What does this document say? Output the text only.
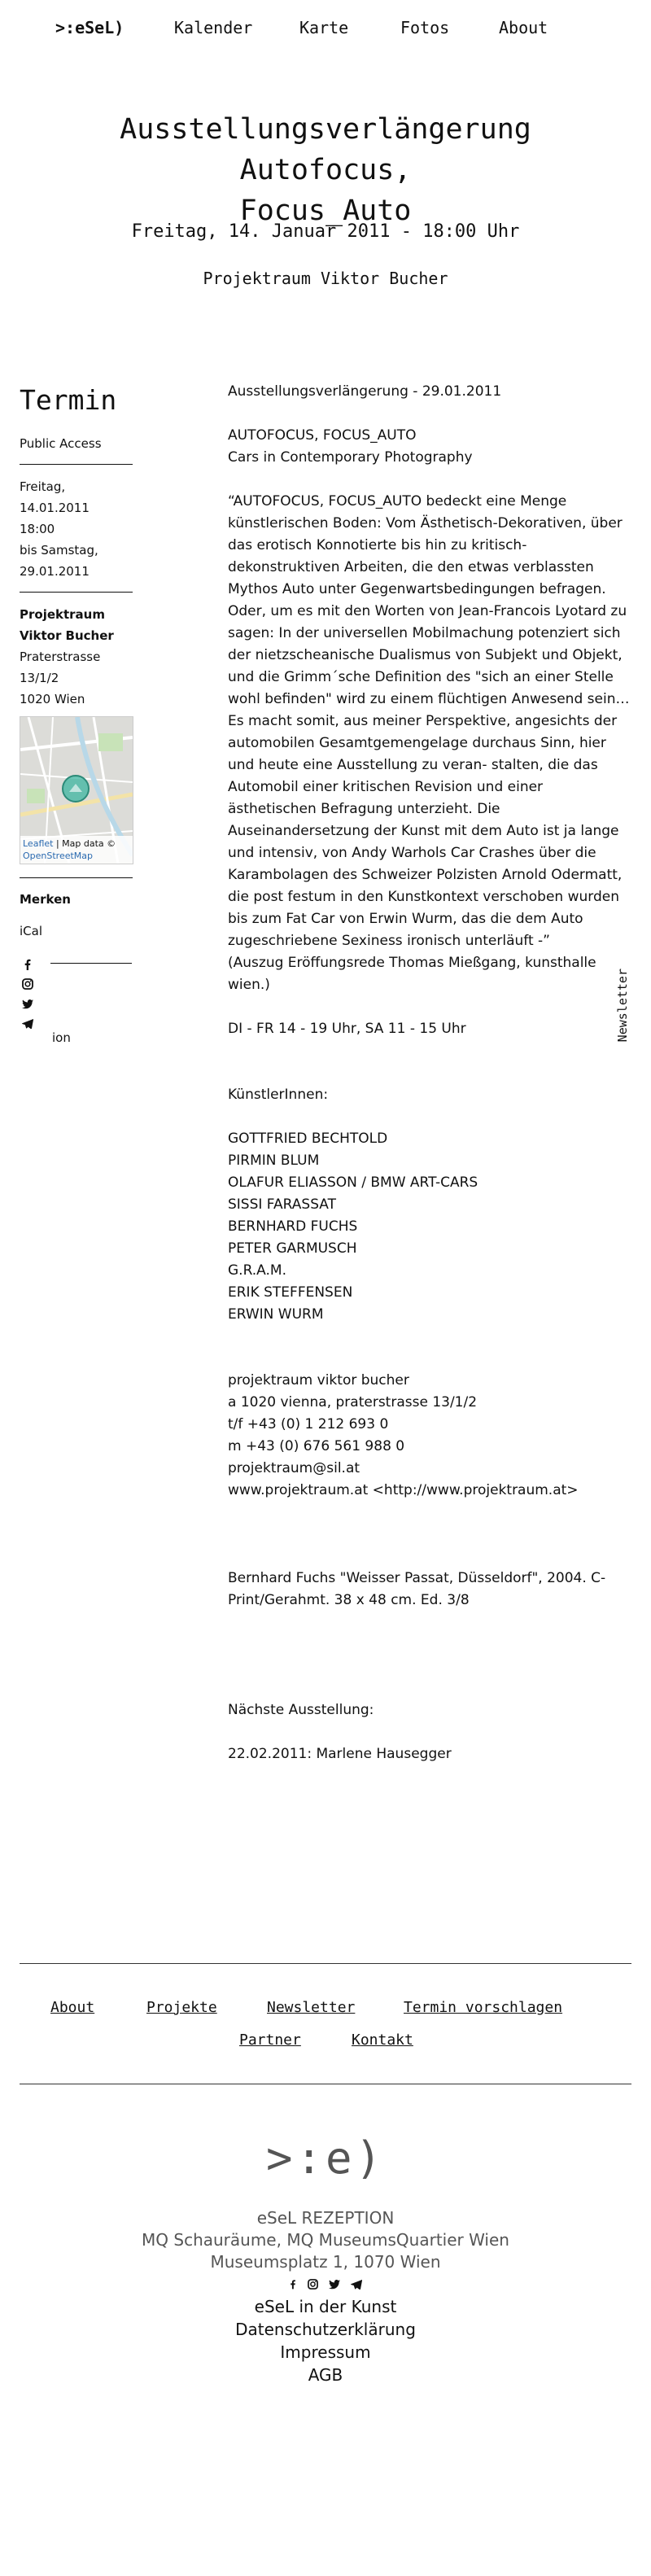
>:eSeL)	Kalender	Karte	Fotos	About
Ausstellungsverlängerung Autofocus,
Focus_Auto
Freitag, 14. Januar 2011 - 18:00 Uhr
Projektraum Viktor Bucher
Termin
Public Access
Freitag, 14.01.2011
18:00
bis Samstag,
29.01.2011
Projektraum
Viktor Bucher
Praterstrasse
13/1/2
1020 Wien
Leaflet | Map data ©
OpenStreetMap
Merken
iCal
ion

Ausstellungsverlängerung - 29.01.2011

AUTOFOCUS, FOCUS_AUTO

Cars in Contemporary Photography

“AUTOFOCUS, FOCUS_AUTO bedeckt eine Menge künstlerischen Boden: Vom Ästhetisch-Dekorativen, über das erotisch Konnotierte bis hin zu kritisch-dekonstruktiven Arbeiten, die den etwas verblassten Mythos Auto unter Gegenwartsbedingungen befragen. Oder, um es mit den Worten von Jean-Francois Lyotard zu sagen: In der universellen Mobilmachung potenziert sich der nietzscheanische Dualismus von Subjekt und Objekt, und die Grimm´sche Definition des "sich an einer Stelle wohl befinden" wird zu einem flüchtigen Anwesend sein…Es macht somit, aus meiner Perspektive, angesichts der automobilen Gesamtgemengelage durchaus Sinn, hier und heute eine Ausstellung zu veran- stalten, die das Automobil einer kritischen Revision und einer ästhetischen Befragung unterzieht. Die Auseinandersetzung der Kunst mit dem Auto ist ja lange und intensiv, von Andy Warhols Car Crashes über die Karambolagen des Schweizer Polzisten Arnold Odermatt, die post festum in den Kunstkontext verschoben wurden bis zum Fat Car von Erwin Wurm, das die dem Auto zugeschriebene Sexiness ironisch unterläuft -”

(Auszug Eröffungsrede Thomas Mießgang, kunsthalle wien.)

DI - FR 14 - 19 Uhr, SA 11 - 15 Uhr

KünstlerInnen:

GOTTFRIED BECHTOLD

PIRMIN BLUM

OLAFUR ELIASSON / BMW ART-CARS

SISSI FARASSAT

BERNHARD FUCHS

PETER GARMUSCH

G.R.A.M.

ERIK STEFFENSEN

ERWIN WURM

projektraum viktor bucher

a 1020 vienna, praterstrasse 13/1/2

t/f +43 (0) 1 212 693 0

m +43 (0) 676 561 988 0

projektraum@sil.at

www.projektraum.at <http://www.projektraum.at>

Bernhard Fuchs "Weisser Passat, Düsseldorf", 2004. C-Print/Gerahmt. 38 x 48 cm. Ed. 3/8

Nächste Ausstellung:

22.02.2011: Marlene Hausegger

Newsletter
About	Projekte	Newsletter	Termin vorschlagen
Partner	Kontakt
>:e)
eSeL REZEPTION
MQ Schauräume, MQ MuseumsQuartier Wien
Museumsplatz 1, 1070 Wien

eSeL in der Kunst
Datenschutzerklärung
Impressum
AGB
